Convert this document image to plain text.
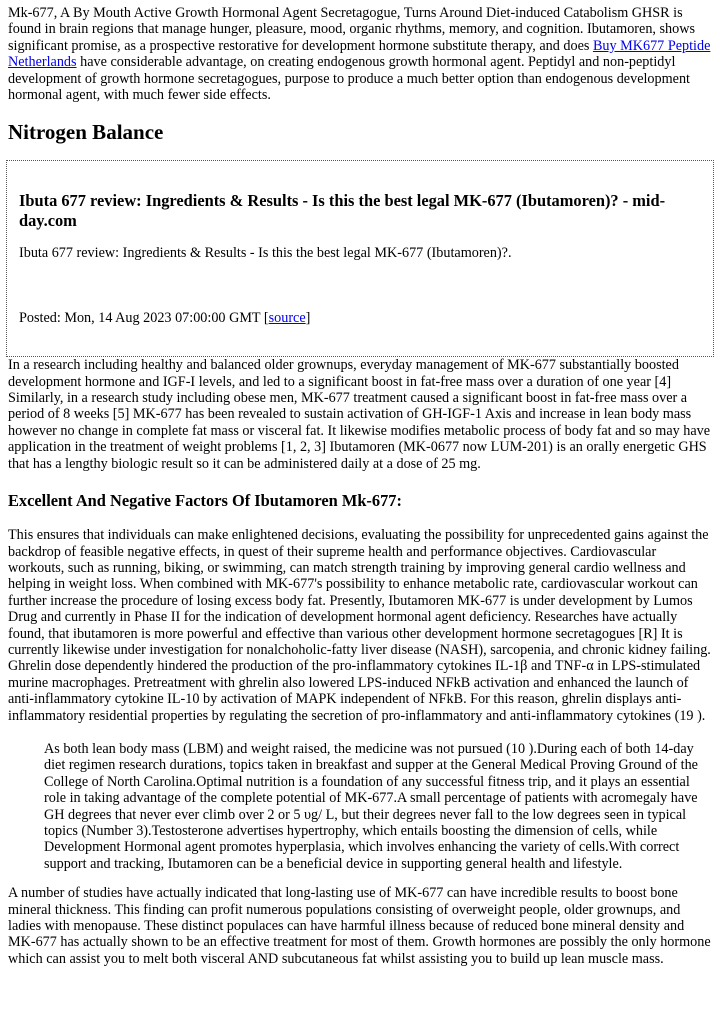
Mk-677, A By Mouth Active Growth Hormonal Agent Secretagogue, Turns Around Diet-induced Catabolism GHSR is found in brain regions that manage hunger, pleasure, mood, organic rhythms, memory, and cognition. Ibutamoren, shows significant promise, as a prospective restorative for development hormone substitute therapy, and does Buy MK677 Peptide Netherlands have considerable advantage, on creating endogenous growth hormonal agent. Peptidyl and non-peptidyl development of growth hormone secretagogues, purpose to produce a much better option than endogenous development hormonal agent, with much fewer side effects.

Nitrogen Balance
Ibuta 677 review: Ingredients & Results - Is this the best legal MK-677 (Ibutamoren)? - mid-day.com

Ibuta 677 review: Ingredients & Results - Is this the best legal MK-677 (Ibutamoren)?.

Posted: Mon, 14 Aug 2023 07:00:00 GMT [source]

In a research including healthy and balanced older grownups, everyday management of MK-677 substantially boosted development hormone and IGF-I levels, and led to a significant boost in fat-free mass over a duration of one year [4] Similarly, in a research study including obese men, MK-677 treatment caused a significant boost in fat-free mass over a period of 8 weeks [5] MK-677 has been revealed to sustain activation of GH-IGF-1 Axis and increase in lean body mass however no change in complete fat mass or visceral fat. It likewise modifies metabolic process of body fat and so may have application in the treatment of weight problems [1, 2, 3] Ibutamoren (MK-0677 now LUM-201) is an orally energetic GHS that has a lengthy biologic result so it can be administered daily at a dose of 25 mg.

Excellent And Negative Factors Of Ibutamoren Mk-677:

This ensures that individuals can make enlightened decisions, evaluating the possibility for unprecedented gains against the backdrop of feasible negative effects, in quest of their supreme health and performance objectives. Cardiovascular workouts, such as running, biking, or swimming, can match strength training by improving general cardio wellness and helping in weight loss. When combined with MK-677's possibility to enhance metabolic rate, cardiovascular workout can further increase the procedure of losing excess body fat. Presently, Ibutamoren MK-677 is under development by Lumos Drug and currently in Phase II for the indication of development hormonal agent deficiency. Researches have actually found, that ibutamoren is more powerful and effective than various other development hormone secretagogues [R] It is currently likewise under investigation for nonalchoholic-fatty liver disease (NASH), sarcopenia, and chronic kidney failing. Ghrelin dose dependently hindered the production of the pro-inflammatory cytokines IL-1β and TNF-α in LPS-stimulated murine macrophages. Pretreatment with ghrelin also lowered LPS-induced NFkB activation and enhanced the launch of anti-inflammatory cytokine IL-10 by activation of MAPK independent of NFkB. For this reason, ghrelin displays anti-inflammatory residential properties by regulating the secretion of pro-inflammatory and anti-inflammatory cytokines (19 ).

As both lean body mass (LBM) and weight raised, the medicine was not pursued (10 ).During each of both 14-day diet regimen research durations, topics taken in breakfast and supper at the General Medical Proving Ground of the College of North Carolina.Optimal nutrition is a foundation of any successful fitness trip, and it plays an essential role in taking advantage of the complete potential of MK-677.A small percentage of patients with acromegaly have GH degrees that never ever climb over 2 or 5 υg/ L, but their degrees never fall to the low degrees seen in typical topics (Number 3).Testosterone advertises hypertrophy, which entails boosting the dimension of cells, while Development Hormonal agent promotes hyperplasia, which involves enhancing the variety of cells.With correct support and tracking, Ibutamoren can be a beneficial device in supporting general health and lifestyle.

A number of studies have actually indicated that long-lasting use of MK-677 can have incredible results to boost bone mineral thickness. This finding can profit numerous populations consisting of overweight people, older grownups, and ladies with menopause. These distinct populaces can have harmful illness because of reduced bone mineral density and MK-677 has actually shown to be an effective treatment for most of them. Growth hormones are possibly the only hormone which can assist you to melt both visceral AND subcutaneous fat whilst assisting you to build up lean muscle mass.
